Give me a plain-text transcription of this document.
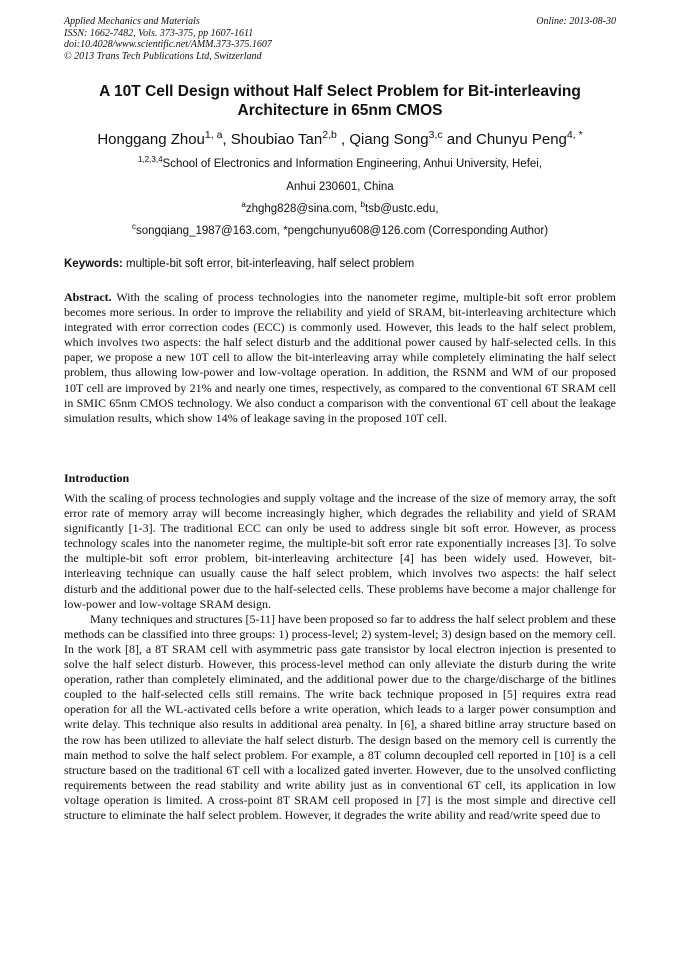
Applied Mechanics and Materials
ISSN: 1662-7482, Vols. 373-375, pp 1607-1611
doi:10.4028/www.scientific.net/AMM.373-375.1607
© 2013 Trans Tech Publications Ltd, Switzerland
Online: 2013-08-30
A 10T Cell Design without Half Select Problem for Bit-interleaving Architecture in 65nm CMOS
Honggang Zhou$^{1, a}$, Shoubiao Tan$^{2,b}$ , Qiang Song$^{3,c}$ and Chunyu Peng$^{4, *}$
$^{1,2,3,4}$School of Electronics and Information Engineering, Anhui University, Hefei,
Anhui 230601, China
$^a$zhghg828@sina.com, $^b$tsb@ustc.edu,
$^c$songqiang_1987@163.com, *pengchunyu608@126.com (Corresponding Author)
Keywords: multiple-bit soft error, bit-interleaving, half select problem
Abstract. With the scaling of process technologies into the nanometer regime, multiple-bit soft error problem becomes more serious. In order to improve the reliability and yield of SRAM, bit-interleaving architecture which integrated with error correction codes (ECC) is commonly used. However, this leads to the half select problem, which involves two aspects: the half select disturb and the additional power caused by half-selected cells. In this paper, we propose a new 10T cell to allow the bit-interleaving array while completely eliminating the half select problem, thus allowing low-power and low-voltage operation. In addition, the RSNM and WM of our proposed 10T cell are improved by 21% and nearly one times, respectively, as compared to the conventional 6T SRAM cell in SMIC 65nm CMOS technology. We also conduct a comparison with the conventional 6T cell about the leakage simulation results, which show 14% of leakage saving in the proposed 10T cell.
Introduction

With the scaling of process technologies and supply voltage and the increase of the size of memory array, the soft error rate of memory array will become increasingly higher, which degrades the reliability and yield of SRAM significantly [1-3]. The traditional ECC can only be used to address single bit soft error. However, as process technology scales into the nanometer regime, the multiple-bit soft error rate exponentially increases [3]. To solve the multiple-bit soft error problem, bit-interleaving architecture [4] has been widely used. However, bit-interleaving technique can usually cause the half select problem, which involves two aspects: the half select disturb and the additional power due to the half-selected cells. These problems have become a major challenge for low-power and low-voltage SRAM design.

Many techniques and structures [5-11] have been proposed so far to address the half select problem and these methods can be classified into three groups: 1) process-level; 2) system-level; 3) design based on the memory cell. In the work [8], a 8T SRAM cell with asymmetric pass gate transistor by local electron injection is presented to solve the half select disturb. However, this process-level method can only alleviate the disturb during the write operation, rather than completely eliminated, and the additional power due to the charge/discharge of the bitlines coupled to the half-selected cells still remains. The write back technique proposed in [5] requires extra read operation for all the WL-activated cells before a write operation, which leads to a larger power consumption and write delay. This technique also results in additional area penalty. In [6], a shared bitline array structure based on the row has been utilized to alleviate the half select disturb. The design based on the memory cell is currently the main method to solve the half select problem. For example, a 8T column decoupled cell reported in [10] is a cell structure based on the traditional 6T cell with a localized gated inverter. However, due to the unsolved conflicting requirements between the read stability and write ability just as in conventional 6T cell, its application in low voltage operation is limited. A cross-point 8T SRAM cell proposed in [7] is the most simple and directive cell structure to eliminate the half select problem. However, it degrades the write ability and read/write speed due to
